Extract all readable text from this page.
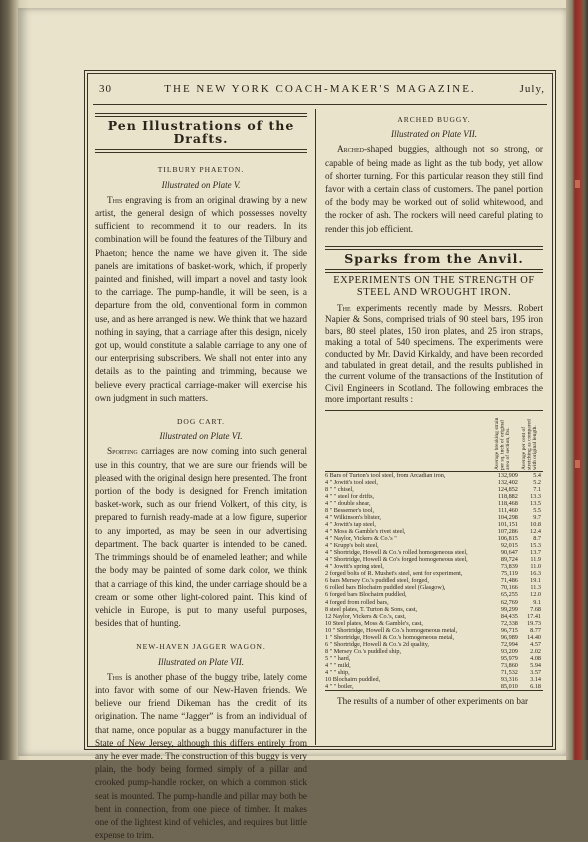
30	THE NEW YORK COACH-MAKER'S MAGAZINE.	July,
Pen Illustrations of the Drafts.
TILBURY PHAETON.
Illustrated on Plate V.

This engraving is from an original drawing by a new artist, the general design of which possesses novelty sufficient to recommend it to our readers. In its combination will be found the features of the Tilbury and Phaeton; hence the name we have given it. The side panels are imitations of basket-work, which, if properly painted and finished, will impart a novel and tasty look to the carriage. The pump-handle, it will be seen, is a departure from the old, conventional form in common use, and as here arranged is new. We think that we hazard nothing in saying, that a carriage after this design, nicely got up, would constitute a salable carriage to any one of our enterprising subscribers. We shall not enter into any details as to the painting and trimming, because we believe every practical carriage-maker will exercise his own judgment in such matters.

DOG CART.
Illustrated on Plate VI.

Sporting carriages are now coming into such general use in this country, that we are sure our friends will be pleased with the original design here presented. The front portion of the body is designed for French imitation basket-work, such as our friend Volkert, of this city, is prepared to furnish ready-made at a low figure, superior to any imported, as may be seen in our advertising department. The back quarter is intended to be caned. The trimmings should be of enameled leather; and while the body may be painted of some dark color, we think that a carriage of this kind, the under carriage should be a cream or some other light-colored paint. This kind of vehicle in Europe, is put to many useful purposes, besides that of hunting.

NEW-HAVEN JAGGER WAGON.
Illustrated on Plate VII.

This is another phase of the buggy tribe, lately come into favor with some of our New-Haven friends. We believe our friend Dikeman has the credit of its origination. The name “Jagger” is from an individual of that name, once popular as a buggy manufacturer in the State of New Jersey, although this differs entirely from any he ever made. The construction of this buggy is very plain, the body being formed simply of a pillar and crooked pump-handle rocker, on which a common stick seat is mounted. The pump-handle and pillar may both be bent in connection, from one piece of timber. It makes one of the lightest kind of vehicles, and requires but little expense to trim.

ARCHED BUGGY.
Illustrated on Plate VII.

Arched-shaped buggies, although not so strong, or capable of being made as light as the tub body, yet allow of shorter turning. For this particular reason they still find favor with a certain class of customers. The panel portion of the body may be worked out of solid whitewood, and the rocker of ash. The rockers will need careful plating to render this job efficient.

Sparks from the Anvil.
EXPERIMENTS ON THE STRENGTH OF STEEL AND WROUGHT IRON.

The experiments recently made by Messrs. Robert Napier & Sons, comprised trials of 90 steel bars, 195 iron bars, 80 steel plates, 150 iron plates, and 25 iron straps, making a total of 540 specimens. The experiments were conducted by Mr. David Kirkaldy, and have been recorded and tabulated in great detail, and the results published in the current volume of the transactions of the Institution of Civil Engineers in Scotland. The following embraces the more important results :

	Average breaking strain per sq. inch of original area of section, lbs.	Average per cent of stretching as compared with original length.

6 Bars of Turton's tool steel, from Arcadian iron,	132,909	5.4
4 " Jowitt's tool steel,	132,402	5.2
8 " " chisel,	124,852	7.1
4 " " steel for drifts,	118,882	13.3
4 " " double shear,	118,468	13.5
8 " Bessemer's tool,	111,460	5.5
4 " Wilkinson's blister,	104,298	9.7
4 " Jowitt's tap steel,	101,151	10.8
4 " Moss & Gamble's rivet steel,	107,286	12.4
4 " Naylor, Vickers & Co.'s "	106,815	8.7
4 " Krupp's bolt steel,	92,015	15.3
4 " Shortridge, Howell & Co.'s rolled homogeneous steel,	90,647	13.7
4 " Shortridge, Howell & Co's forged homogeneous steel,	89,724	11.9
4 " Jowitt's spring steel,	73,839	11.0
2 forged bolts of R. Mushet's steel, sent for experiment,	75,119	16.3
6 bars Mersey Co.'s puddled steel, forged,	71,486	19.1
6 rolled bars Blochairn puddled steel (Glasgow),	70,166	11.3
6 forged bars Blochairn puddled,	65,255	12.0
4 forged from rolled bars,	62,769	9.1
8 steel plates, T. Turton & Sons, cast,	99,299	7.68
12 Naylor, Vickers & Co.'s, cast,	84,435	17.41
10 Steel plates, Moss & Gamble's, cast,	72,338	19.73
10 " Shortridge, Howell & Co.'s homogeneous metal,	96,715	8.77
1 " Shortridge, Howell & Co.'s homogeneous metal,	96,989	14.40
6 " Shortridge, Howell & Co.'s 2d quality,	72,994	4.57
8 " Mersey Co.'s puddled ship,	93,209	2.02
5 " " hard,	95,979	4.08
4 " " mild,	73,860	5.94
4 " " ship,	71,532	3.57
10 Blochairn puddled,	93,316	3.14
4 " " boiler,	85,010	6.18

The results of a number of other experiments on bar
